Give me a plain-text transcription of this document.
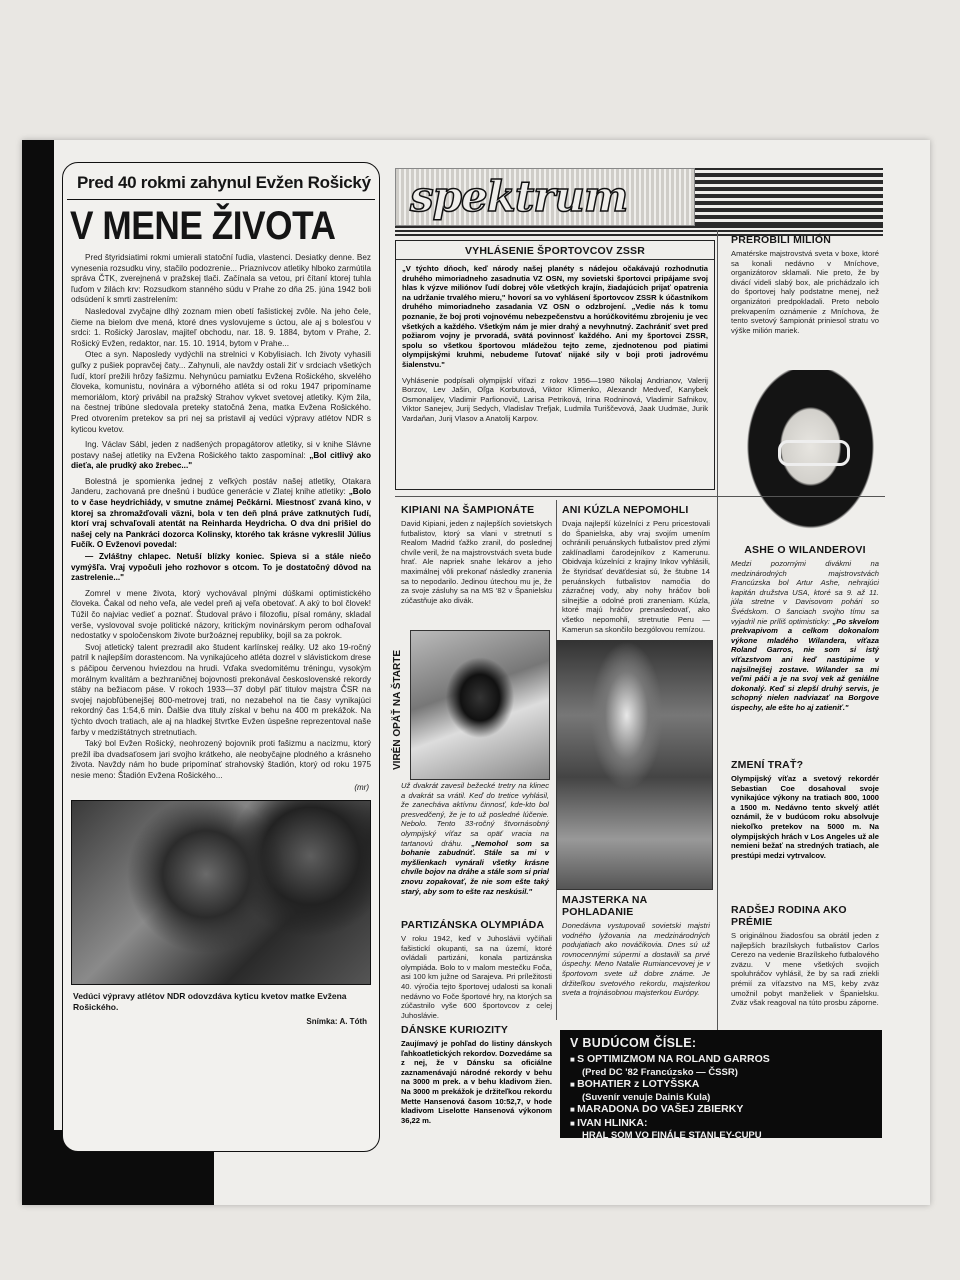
Pred 40 rokmi zahynul Evžen Rošický
V MENE ŽIVOTA

Pred štyridsiatimi rokmi umierali statoční ľudia, vlastenci. Desiatky denne. Bez vynesenia rozsudku viny, stačilo podozrenie... Priaznivcov atletiky hlboko zarmútila správa ČTK, zverejnená v pražskej tlači. Začínala sa vetou, pri čítaní ktorej tuhla ľuďom v žilách krv: Rozsudkom stanného súdu v Prahe zo dňa 25. júna 1942 boli odsúdení k smrti zastrelením:

Nasledoval zvyčajne dlhý zoznam mien obetí fašistickej zvôle. Na jeho čele, čieme na bielom dve mená, ktoré dnes vyslovujeme s úctou, ale aj s bolesťou v srdci: 1. Rošický Jaroslav, majiteľ obchodu, nar. 18. 9. 1884, bytom v Prahe, 2. Rošický Evžen, redaktor, nar. 15. 10. 1914, bytom v Prahe...

Otec a syn. Naposledy vydýchli na strelnici v Kobylisiach. Ich životy vyhasili guľky z pušiek popravčej čaty... Zahynuli, ale navždy ostali žiť v srdciach všetkých ľudí, ktorí prežili hrôzy fašizmu. Nehynúcu pamiatku Evžena Rošického, skvelého človeka, komunistu, novinára a výborného atléta si od roku 1947 pripomíname memoriálom, ktorý privábil na pražský Strahov vykvet svetovej atletiky. Kým žila, na čestnej tribúne sledovala preteky statočná žena, matka Evžena Rošického. Pred otvorením pretekov sa pri nej sa pristavil aj vedúci výpravy atlétov NDR s kyticou kvetov.

Ing. Václav Sábl, jeden z nadšených propagátorov atletiky, si v knihe Slávne postavy našej atletiky na Evžena Rošického takto zaspomínal: „Bol citlivý ako dieťa, ale prudký ako žrebec..."

Bolestná je spomienka jednej z veľkých postáv našej atletiky, Otakara Janderu, zachovaná pre dnešnú i budúce generácie v Zlatej knihe atletiky: „Bolo to v čase heydrichiády, v smutne známej Pečkárni. Miestnosť zvaná kino, v ktorej sa zhromažďovali väzni, bola v ten deň plná práve zatknutých ľudí, ktorí vraj schvaľovali atentát na Reinharda Heydricha. O dva dni prišiel do našej cely na Pankráci dozorca Kolinsky, ktorého tak krásne vykreslil Július Fučík. O Evženovi povedal:

— Zvláštny chlapec. Netuší blízky koniec. Spieva si a stále niečo vymýšľa. Vraj vypočuli jeho rozhovor s otcom. To je dostatočný dôvod na zastrelenie..."

Zomrel v mene života, ktorý vychovával plnými dúškami optimistického človeka. Čakal od neho veľa, ale vedel preň aj veľa obetovať. A aký to bol človek! Túžil čo najviac vedieť a poznať. Študoval právo i filozofiu, písal romány, skladal verše, vyslovoval svoje politické názory, kritickým novinárskym perom odhaľoval nedostatky v spoločenskom živote buržoáznej republiky, bojil sa za pokrok.

Svoj atletický talent prezradil ako študent karlínskej reálky. Už ako 19-ročný patril k najlepším dorastencom. Na vynikajúceho atléta dozrel v slávistickom drese s páčipou červenou hviezdou na hrudi. Vďaka svedomitému tréningu, vysokým morálnym kvalitám a bezhraničnej bojovnosti prekonával československé rekordy stáby na bežiacom páse. V rokoch 1933—37 dobyl päť titulov majstra ČSR na svojej najobľúbenejšej 800-metrovej trati, no nezabehol na tie časy vynikajúci rekordný čas 1:54,6 min. Ďalšie dva tituly získal v behu na 400 m prekážok. Na týchto dvoch tratiach, ale aj na hladkej štvrťke Evžen úspešne reprezentoval naše farby v medzištátnych stretnutiach.

Taký bol Evžen Rošický, neohrozený bojovník proti fašizmu a nacizmu, ktorý prežil iba dvadsaťosem jari svojho krátkeho, ale neobyčajne plodného a krásneho života. Navždy nám ho bude pripomínať strahovský štadión, ktorý od roku 1975 nesie meno: Štadión Evžena Rošického...

(mr)
Vedúci výpravy atlétov NDR odovzdáva kyticu kvetov matke Evžena Rošického.
Snímka: A. Tóth
spektrum
VYHLÁSENIE ŠPORTOVCOV ZSSR
„V týchto dňoch, keď národy našej planéty s nádejou očakávajú rozhodnutia druhého mimoriadneho zasadnutia VZ OSN, my sovietski športovci pripájame svoj hlas k výzve miliónov ľudí dobrej vôle všetkých krajín, žiadajúcich prijať opatrenia na udržanie trvalého mieru," hovorí sa vo vyhlásení športovcov ZSSR k účastníkom druhého mimoriadneho zasadania VZ OSN o odzbrojení. „Vedie nás k tomu poznanie, že boj proti vojnovému nebezpečenstvu a horúčkovitému zbrojeniu je vec všetkých a každého. Všetkým nám je mier drahý a nevyhnutný. Zachrániť svet pred požiarom vojny je prvoradá, svätá povinnosť každého. Ani my športovci ZSSR, spolu so všetkou športovou mládežou tejto zeme, zjednotenou pod piatimi olympijskými kruhmi, nebudeme ľutovať nijaké sily v boji proti jadrovému šialenstvu."
Vyhlásenie podpísali olympijskí víťazi z rokov 1956—1980 Nikolaj Andrianov, Valerij Borzov, Lev Jašin, Oľga Korbutová, Viktor Klimenko, Alexandr Medveď, Kanybek Osmonalijev, Vladimir Parfionovič, Larisa Petriková, Irina Rodninová, Vladimir Safnikov, Viktor Sanejev, Jurij Sedych, Vladislav Trefjak, Ludmila Turiščevová, Jaak Uudmäe, Jurik Vardaňan, Jurij Vlasov a Anatolij Karpov.
PREROBILI MILIÓN
Amatérske majstrovstvá sveta v boxe, ktoré sa konali nedávno v Mníchove, organizátorov sklamali. Nie preto, že by divácí videli slabý box, ale prichádzalo ich do športovej haly podstatne menej, než organizátori predpokladali. Preto nebolo prekvapením oznámenie z Mníchova, že tento svetový šampionát priniesol stratu vo výške milión mariek.
ASHE O WILANDEROVI
Medzi pozornými divákmi na medzinárodných majstrovstvách Francúzska bol Artur Ashe, nehrajúci kapitán družstva USA, ktoré sa 9. až 11. júla stretne v Davisovom pohári so Švédskom. O šanciach svojho tímu sa vyjadril nie príliš optimisticky: „Po skvelom prekvapivom a celkom dokonalom výkone mladého Wilandera, víťaza Roland Garros, nie som si istý víťazstvom ani keď nastúpime v najsilnejšej zostave. Wilander sa mi veľmi páči a je na svoj vek až geniálne dokonalý. Keď si zlepší druhý servis, je schopný nielen nadviazať na Borgove úspechy, ale ešte ho aj zatieniť."
KIPIANI NA ŠAMPIONÁTE
David Kipiani, jeden z najlepších sovietskych futbalistov, ktorý sa vlani v stretnutí s Realom Madrid ťažko zranil, do poslednej chvíle veril, že na majstrovstvách sveta bude hrať. Ale napriek snahe lekárov a jeho maximálnej vôli prekonať následky zranenia sa to nepodarilo. Jedinou útechou mu je, že za svoje zásluhy sa na MS '82 v Španielsku zúčastňuje ako divák.
ANI KÚZLA NEPOMOHLI
Dvaja najlepší kúzelníci z Peru pricestovali do Španielska, aby vraj svojím umením ochránili peruánskych futbalistov pred zlými zaklínadlami čarodejníkov z Kamerunu. Obidvaja kúzelníci z krajiny Inkov vyhlásili, že štyridsať deväťdesiat sú, že štubne 14 peruánskych futbalistov namočia do zázračnej vody, aby nohy hráčov boli silnejšie a odolné proti zraneniam. Kúzla, ktoré majú hráčov prenasledovať, ako všetko nepomohli, stretnutie Peru — Kamerun sa skončilo bezgólovou remízou.
VIRÉN OPÄŤ NA ŠTARTE
Už dvakrát zavesil bežecké tretry na klinec a dvakrát sa vrátil. Keď do tretice vyhlásil, že zanecháva aktívnu činnosť, kde-kto bol presvedčený, že je to už posledné lúčenie. Nebolo. Tento 33-ročný štvornásobný olympijský víťaz sa opäť vracia na tartanovú dráhu. „Nemohol som sa bohanie zabudnúť. Stále sa mi v myšlienkach vynárali všetky krásne chvíle bojov na dráhe a stále som si prial znovu zopakovať, že nie som ešte taký starý, aby som to ešte raz neskúsil."
MAJSTERKA NA POHLADANIE
Donedávna vystupovali sovietski majstri vodného lyžovania na medzinárodných podujatiach ako nováčikovia. Dnes sú už rovnocennými súpermi a dostavili sa prvé úspechy. Meno Natalie Rumiancevovej je v športovom svete už dobre známe. Je držiteľkou svetového rekordu, majsterkou sveta a trojnásobnou majsterkou Európy.
ZMENÍ TRAŤ?
Olympijský víťaz a svetový rekordér Sebastian Coe dosahoval svoje vynikajúce výkony na tratiach 800, 1000 a 1500 m. Nedávno tento skvelý atlét oznámil, že v budúcom roku absolvuje niekoľko pretekov na 5000 m. Na olympijských hrách v Los Angeles už ale nemieni bežať na stredných tratiach, ale prestúpi medzi vytrvalcov.
RADŠEJ RODINA AKO PRÉMIE
S originálnou žiadosťou sa obrátil jeden z najlepších brazílskych futbalistov Carlos Cerezo na vedenie Brazílskeho futbalového zväzu. V mene všetkých svojich spoluhráčov vyhlásil, že by sa radi zriekli prémií za víťazstvo na MS, keby zväz umožnil pobyt manželiek v Španielsku. Zväz však reagoval na túto prosbu záporne.
PARTIZÁNSKA OLYMPIÁDA
V roku 1942, keď v Juhoslávii vyčíňali fašistickí okupanti, sa na území, ktoré ovládali partizáni, konala partizánska olympiáda. Bolo to v malom mestečku Foča, asi 100 km južne od Sarajeva. Pri príležitosti 40. výročia tejto športovej udalosti sa konali nedávno vo Foče športové hry, na ktorých sa zúčastnilo vyše 600 športovcov z celej Juhoslávie.
DÁNSKE KURIOZITY
Zaujímavý je pohľad do listiny dánskych ľahkoatletických rekordov. Dozvedáme sa z nej, že v Dánsku sa oficiálne zaznamenávajú národné rekordy v behu na 3000 m prek. a v behu kladivom žien. Na 3000 m prekážok je držiteľkou rekordu Mette Hansenová časom 10:52,7, v hode kladivom Liselotte Hansenová výkonom 36,22 m.
V BUDÚCOM ČÍSLE:
■ S OPTIMIZMOM NA ROLAND GARROS
(Pred DC '82 Francúzsko — ČSSR)
■ BOHATIER z LOTYŠSKA
(Suvenír venuje Dainis Kula)
■ MARADONA DO VAŠEJ ZBIERKY
■ IVAN HLINKA:
HRAL SOM VO FINÁLE STANLEY-CUPU
